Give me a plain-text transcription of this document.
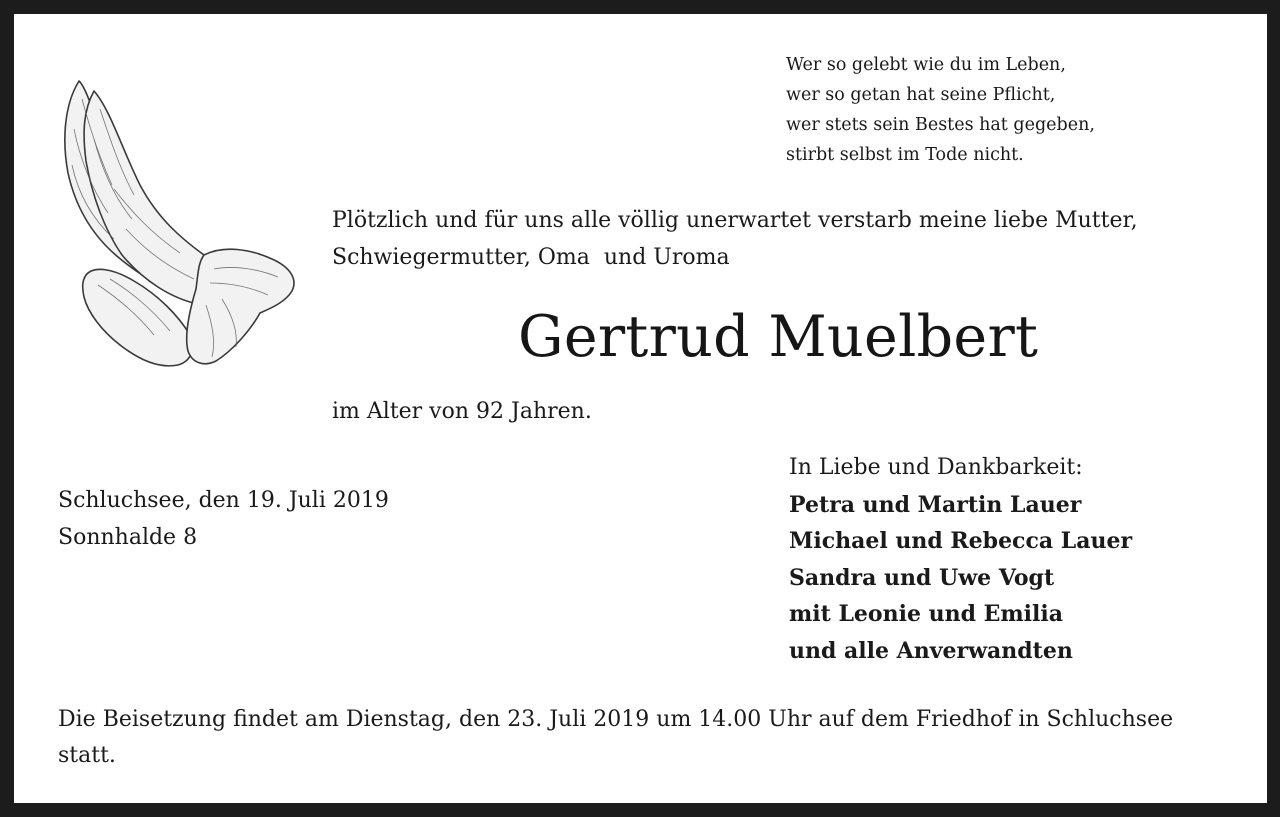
Wer so gelebt wie du im Leben,
wer so getan hat seine Pflicht,
wer stets sein Bestes hat gegeben,
stirbt selbst im Tode nicht.
Plötzlich und für uns alle völlig unerwartet verstarb meine liebe Mutter,
Schwiegermutter, Oma  und Uroma
Gertrud Muelbert
im Alter von 92 Jahren.
Schluchsee, den 19. Juli 2019
Sonnhalde 8
In Liebe und Dankbarkeit:
Petra und Martin Lauer
Michael und Rebecca Lauer
Sandra und Uwe Vogt
mit Leonie und Emilia
und alle Anverwandten
Die Beisetzung findet am Dienstag, den 23. Juli 2019 um 14.00 Uhr auf dem Friedhof in Schluchsee statt.
